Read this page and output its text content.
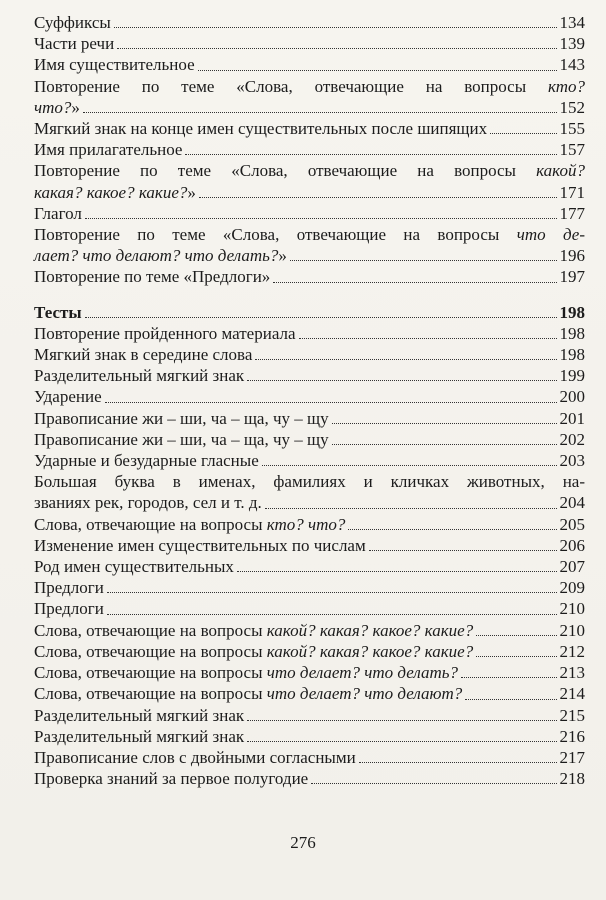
Суффиксы	134
Части речи	139
Имя существительное	143
Повторение по теме «Слова, отвечающие на вопросы кто?
что?»	152
Мягкий знак на конце имен существительных после шипящих	155
Имя прилагательное	157
Повторение по теме «Слова, отвечающие на вопросы какой?
какая? какое? какие?»	171
Глагол	177
Повторение по теме «Слова, отвечающие на вопросы что де-
лает? что делают? что делать?»	196
Повторение по теме «Предлоги»	197
Тесты	198
Повторение пройденного материала	198
Мягкий знак в середине слова	198
Разделительный мягкий знак	199
Ударение	200
Правописание жи – ши, ча – ща, чу – щу	201
Правописание жи – ши, ча – ща, чу – щу	202
Ударные и безударные гласные	203
Большая буква в именах, фамилиях и кличках животных, на-
званиях рек, городов, сел и т. д.	204
Слова, отвечающие на вопросы кто? что?	205
Изменение имен существительных по числам	206
Род имен существительных	207
Предлоги	209
Предлоги	210
Слова, отвечающие на вопросы какой? какая? какое? какие?	210
Слова, отвечающие на вопросы какой? какая? какое? какие?	212
Слова, отвечающие на вопросы что делает? что делать?	213
Слова, отвечающие на вопросы что делает? что делают?	214
Разделительный мягкий знак	215
Разделительный мягкий знак	216
Правописание слов с двойными согласными	217
Проверка знаний за первое полугодие	218
276
